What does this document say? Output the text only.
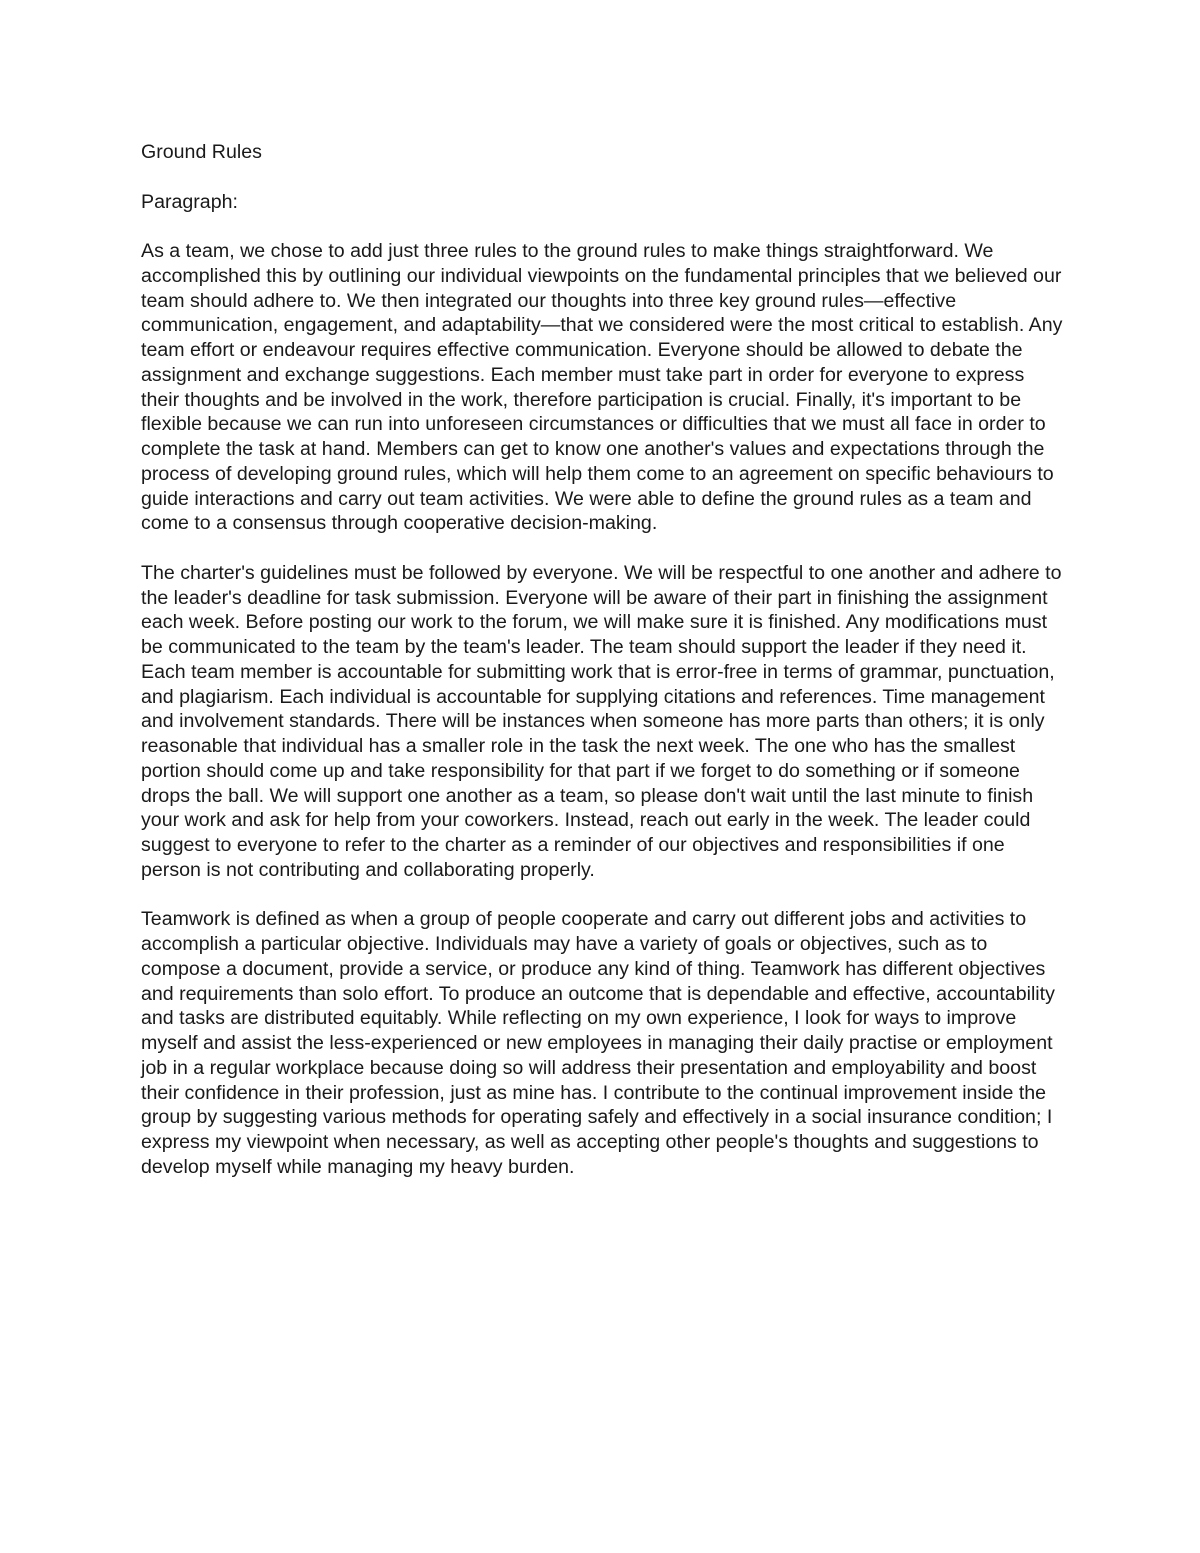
Ground Rules
Paragraph:

As a team, we chose to add just three rules to the ground rules to make things straightforward. We accomplished this by outlining our individual viewpoints on the fundamental principles that we believed our team should adhere to. We then integrated our thoughts into three key ground rules—effective communication, engagement, and adaptability—that we considered were the most critical to establish. Any team effort or endeavour requires effective communication. Everyone should be allowed to debate the assignment and exchange suggestions. Each member must take part in order for everyone to express their thoughts and be involved in the work, therefore participation is crucial. Finally, it's important to be flexible because we can run into unforeseen circumstances or difficulties that we must all face in order to complete the task at hand. Members can get to know one another's values and expectations through the process of developing ground rules, which will help them come to an agreement on specific behaviours to guide interactions and carry out team activities. We were able to define the ground rules as a team and come to a consensus through cooperative decision-making.

The charter's guidelines must be followed by everyone. We will be respectful to one another and adhere to the leader's deadline for task submission. Everyone will be aware of their part in finishing the assignment each week. Before posting our work to the forum, we will make sure it is finished. Any modifications must be communicated to the team by the team's leader. The team should support the leader if they need it. Each team member is accountable for submitting work that is error-free in terms of grammar, punctuation, and plagiarism. Each individual is accountable for supplying citations and references. Time management and involvement standards. There will be instances when someone has more parts than others; it is only reasonable that individual has a smaller role in the task the next week. The one who has the smallest portion should come up and take responsibility for that part if we forget to do something or if someone drops the ball. We will support one another as a team, so please don't wait until the last minute to finish your work and ask for help from your coworkers. Instead, reach out early in the week. The leader could suggest to everyone to refer to the charter as a reminder of our objectives and responsibilities if one person is not contributing and collaborating properly.

Teamwork is defined as when a group of people cooperate and carry out different jobs and activities to accomplish a particular objective. Individuals may have a variety of goals or objectives, such as to compose a document, provide a service, or produce any kind of thing. Teamwork has different objectives and requirements than solo effort. To produce an outcome that is dependable and effective, accountability and tasks are distributed equitably. While reflecting on my own experience, I look for ways to improve myself and assist the less-experienced or new employees in managing their daily practise or employment job in a regular workplace because doing so will address their presentation and employability and boost their confidence in their profession, just as mine has. I contribute to the continual improvement inside the group by suggesting various methods for operating safely and effectively in a social insurance condition; I express my viewpoint when necessary, as well as accepting other people's thoughts and suggestions to develop myself while managing my heavy burden.
